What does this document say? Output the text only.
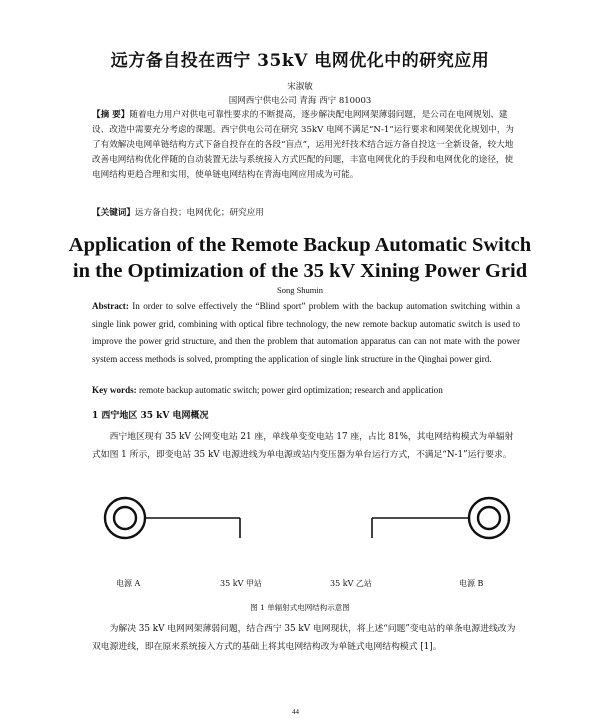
远方备自投在西宁 35kV 电网优化中的研究应用
宋淑敏
国网西宁供电公司 青海 西宁 810003
【摘 要】随着电力用户对供电可靠性要求的不断提高，逐步解决配电网网架薄弱问题，是公司在电网规划、建设、改造中需要充分考虑的课题。西宁供电公司在研究 35kV 电网不满足“N-1”运行要求和网架优化规划中，为了有效解决电网单链结构方式下备自投存在的各段“盲点”，运用光纤技术结合远方备自投这一全新设备，较大地改善电网结构优化伴随的自动装置无法与系统接入方式匹配的问题，丰富电网优化的手段和电网优化的途径，使电网结构更趋合理和实用，使单链电网结构在青海电网应用成为可能。
【关键词】远方备自投；电网优化；研究应用
Application of the Remote Backup Automatic Switch
in the Optimization of the 35 kV Xining Power Grid
Song Shumin
Abstract: In order to solve effectively the “Blind sport” problem with the backup automation switching within a single link power grid, combining with optical fibre technology, the new remote backup automatic switch is used to improve the power grid structure, and then the problem that automation apparatus can can not mate with the power system access methods is solved, prompting the application of single link structure in the Qinghai power gird.
Key words: remote backup automatic switch; power gird optimization; research and application
1 西宁地区 35 kV 电网概况
西宁地区现有 35 kV 公网变电站 21 座，单线单变变电站 17 座，占比 81%，其电网结构模式为单辐射式如图 1 所示，即变电站 35 kV 电源进线为单电源或站内变压器为单台运行方式，不满足“N-1”运行要求。
电源 A	35 kV 甲站	35 kV 乙站	电源 B
图 1 单辐射式电网结构示意图
为解决 35 kV 电网网架薄弱问题，结合西宁 35 kV 电网现状，将上述“问题”变电站的单条电源进线改为双电源进线，即在原来系统接入方式的基础上将其电网结构改为单链式电网结构模式 [1]。
44
